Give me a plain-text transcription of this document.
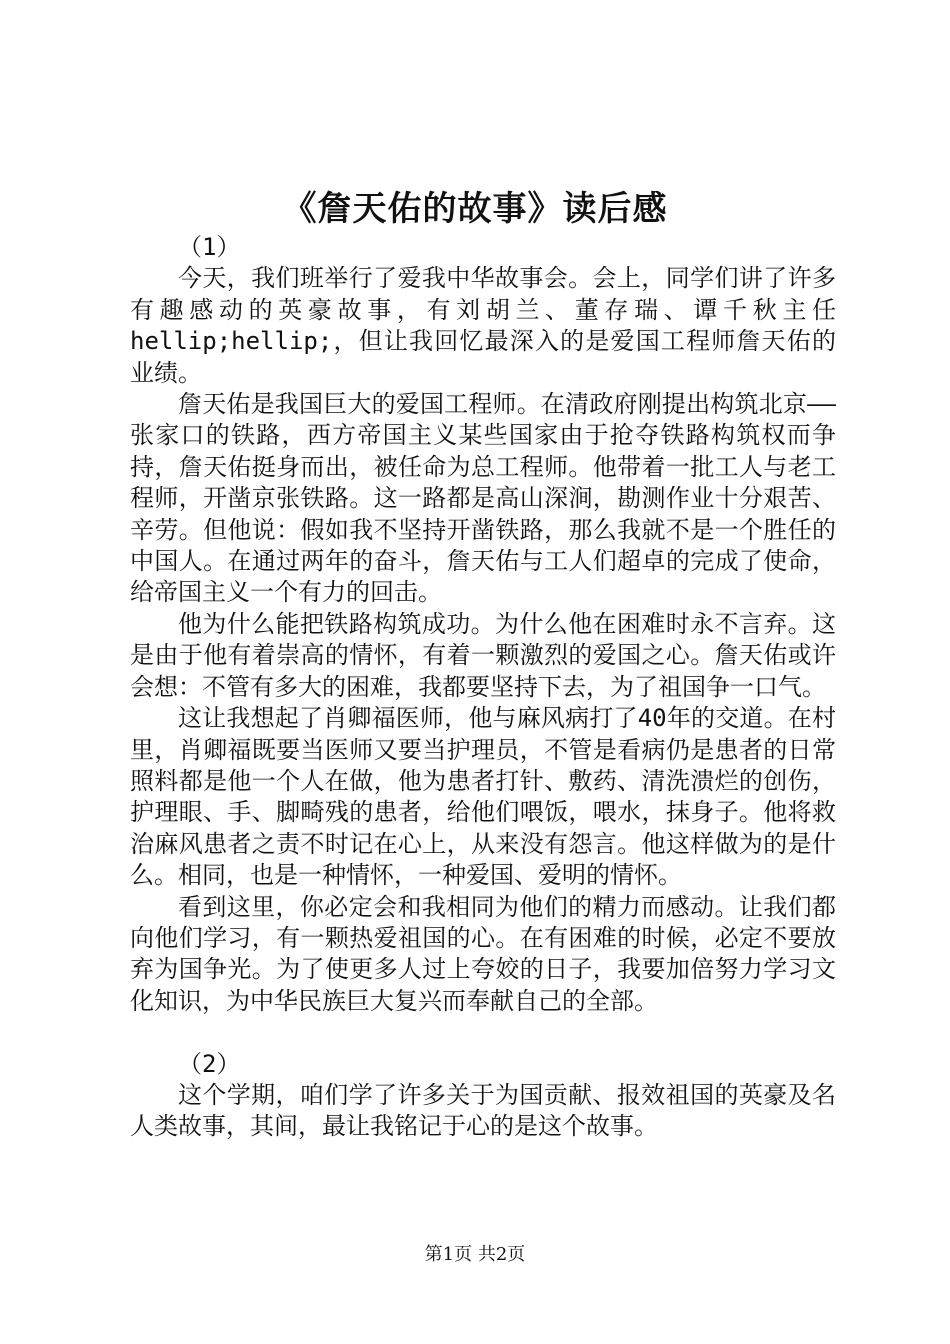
《詹天佑的故事》读后感

（1）

今天，我们班举行了爱我中华故事会。会上，同学们讲了许多有趣感动的英豪故事，有刘胡兰、董存瑞、谭千秋主任hellip;hellip;，但让我回忆最深入的是爱国工程师詹天佑的业绩。

詹天佑是我国巨大的爱国工程师。在清政府刚提出构筑北京——张家口的铁路，西方帝国主义某些国家由于抢夺铁路构筑权而争持，詹天佑挺身而出，被任命为总工程师。他带着一批工人与老工程师，开凿京张铁路。这一路都是高山深涧，勘测作业十分艰苦、辛劳。但他说：假如我不坚持开凿铁路，那么我就不是一个胜任的中国人。在通过两年的奋斗，詹天佑与工人们超卓的完成了使命，给帝国主义一个有力的回击。

他为什么能把铁路构筑成功。为什么他在困难时永不言弃。这是由于他有着崇高的情怀，有着一颗激烈的爱国之心。詹天佑或许会想：不管有多大的困难，我都要坚持下去，为了祖国争一口气。

这让我想起了肖卿福医师，他与麻风病打了40年的交道。在村里，肖卿福既要当医师又要当护理员，不管是看病仍是患者的日常照料都是他一个人在做，他为患者打针、敷药、清洗溃烂的创伤，护理眼、手、脚畸残的患者，给他们喂饭，喂水，抹身子。他将救治麻风患者之责不时记在心上，从来没有怨言。他这样做为的是什么。相同，也是一种情怀，一种爱国、爱明的情怀。

看到这里，你必定会和我相同为他们的精力而感动。让我们都向他们学习，有一颗热爱祖国的心。在有困难的时候，必定不要放弃为国争光。为了使更多人过上夸姣的日子，我要加倍努力学习文化知识，为中华民族巨大复兴而奉献自己的全部。

（2）

这个学期，咱们学了许多关于为国贡献、报效祖国的英豪及名人类故事，其间，最让我铭记于心的是这个故事。

第1页 共2页
